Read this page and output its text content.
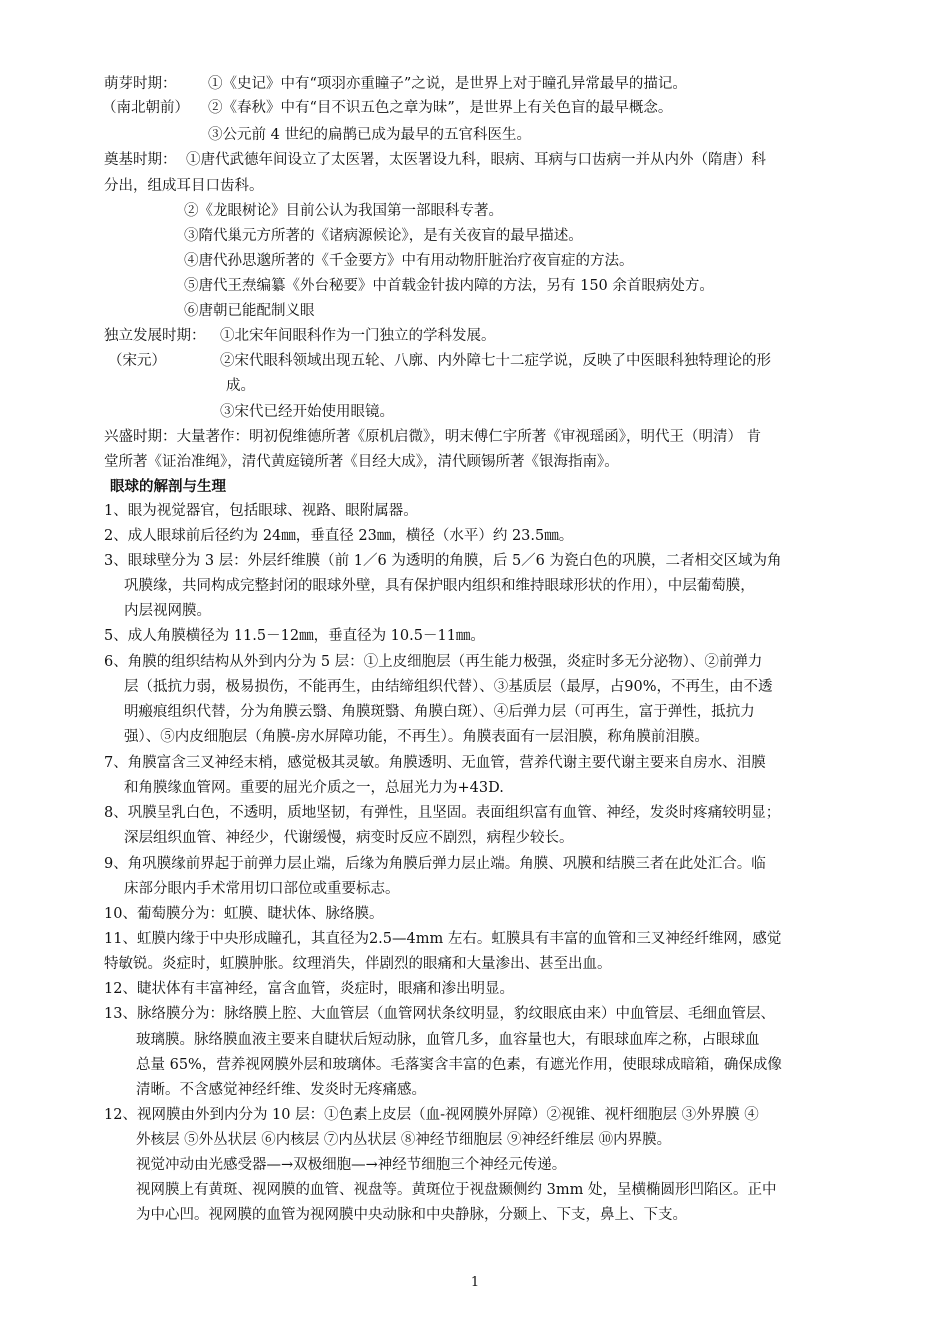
萌芽时期： ①《史记》中有“项羽亦重瞳子”之说，是世界上对于瞳孔异常最早的描记。
（南北朝前） ②《春秋》中有“目不识五色之章为昧”，是世界上有关色盲的最早概念。
③公元前 4 世纪的扁鹊已成为最早的五官科医生。
奠基时期： ①唐代武德年间设立了太医署，太医署设九科，眼病、耳病与口齿病一并从内外（隋唐）科
分出，组成耳目口齿科。
②《龙眼树论》目前公认为我国第一部眼科专著。
③隋代巢元方所著的《诸病源候论》，是有关夜盲的最早描述。
④唐代孙思邈所著的《千金要方》中有用动物肝脏治疗夜盲症的方法。
⑤唐代王焘编纂《外台秘要》中首载金针拔内障的方法，另有 150 余首眼病处方。
⑥唐朝已能配制义眼
独立发展时期： ①北宋年间眼科作为一门独立的学科发展。
（宋元）	②宋代眼科领域出现五轮、八廓、内外障七十二症学说，反映了中医眼科独特理论的形
成。
③宋代已经开始使用眼镜。
兴盛时期：大量著作：明初倪维德所著《原机启微》，明末傅仁宇所著《审视瑶函》，明代王（明清） 肯
堂所著《证治准绳》，清代黄庭镜所著《目经大成》，清代顾锡所著《银海指南》。
眼球的解剖与生理
1、眼为视觉器官，包括眼球、视路、眼附属器。
2、成人眼球前后径约为 24㎜，垂直径 23㎜，横径（水平）约 23.5㎜。
3、眼球壁分为 3 层：外层纤维膜（前 1／6 为透明的角膜，后 5／6 为瓷白色的巩膜，二者相交区域为角
巩膜缘，共同构成完整封闭的眼球外壁，具有保护眼内组织和维持眼球形状的作用），中层葡萄膜，
内层视网膜。
5、成人角膜横径为 11.5－12㎜，垂直径为 10.5－11㎜。
6、角膜的组织结构从外到内分为 5 层：①上皮细胞层（再生能力极强，炎症时多无分泌物）、②前弹力
层（抵抗力弱，极易损伤，不能再生，由结缔组织代替）、③基质层（最厚，占90%，不再生，由不透
明瘢痕组织代替，分为角膜云翳、角膜斑翳、角膜白斑）、④后弹力层（可再生，富于弹性，抵抗力
强）、⑤内皮细胞层（角膜-房水屏障功能，不再生）。角膜表面有一层泪膜，称角膜前泪膜。
7、角膜富含三叉神经末梢，感觉极其灵敏。角膜透明、无血管，营养代谢主要代谢主要来自房水、泪膜
和角膜缘血管网。重要的屈光介质之一，总屈光力为+43D.
8、巩膜呈乳白色，不透明，质地坚韧，有弹性，且坚固。表面组织富有血管、神经，发炎时疼痛较明显；
深层组织血管、神经少，代谢缓慢，病变时反应不剧烈，病程少较长。
9、角巩膜缘前界起于前弹力层止端，后缘为角膜后弹力层止端。角膜、巩膜和结膜三者在此处汇合。临
床部分眼内手术常用切口部位或重要标志。
10、葡萄膜分为：虹膜、睫状体、脉络膜。
11、虹膜内缘于中央形成瞳孔，其直径为2.5—4mm 左右。虹膜具有丰富的血管和三叉神经纤维网，感觉
特敏锐。炎症时，虹膜肿胀。纹理消失，伴剧烈的眼痛和大量渗出、甚至出血。
12、睫状体有丰富神经，富含血管，炎症时，眼痛和渗出明显。
13、脉络膜分为：脉络膜上腔、大血管层（血管网状条纹明显，豹纹眼底由来）中血管层、毛细血管层、
玻璃膜。脉络膜血液主要来自睫状后短动脉，血管几多，血容量也大，有眼球血库之称，占眼球血
总量 65%，营养视网膜外层和玻璃体。毛落窦含丰富的色素，有遮光作用，使眼球成暗箱，确保成像
清晰。不含感觉神经纤维、发炎时无疼痛感。
12、视网膜由外到内分为 10 层：①色素上皮层（血-视网膜外屏障）②视锥、视杆细胞层 ③外界膜 ④
外核层 ⑤外丛状层 ⑥内核层 ⑦内丛状层 ⑧神经节细胞层 ⑨神经纤维层 ⑩内界膜。
视觉冲动由光感受器—→双极细胞—→神经节细胞三个神经元传递。
视网膜上有黄斑、视网膜的血管、视盘等。黄斑位于视盘颞侧约 3mm 处，呈横椭圆形凹陷区。正中
为中心凹。视网膜的血管为视网膜中央动脉和中央静脉，分颞上、下支，鼻上、下支。
1
